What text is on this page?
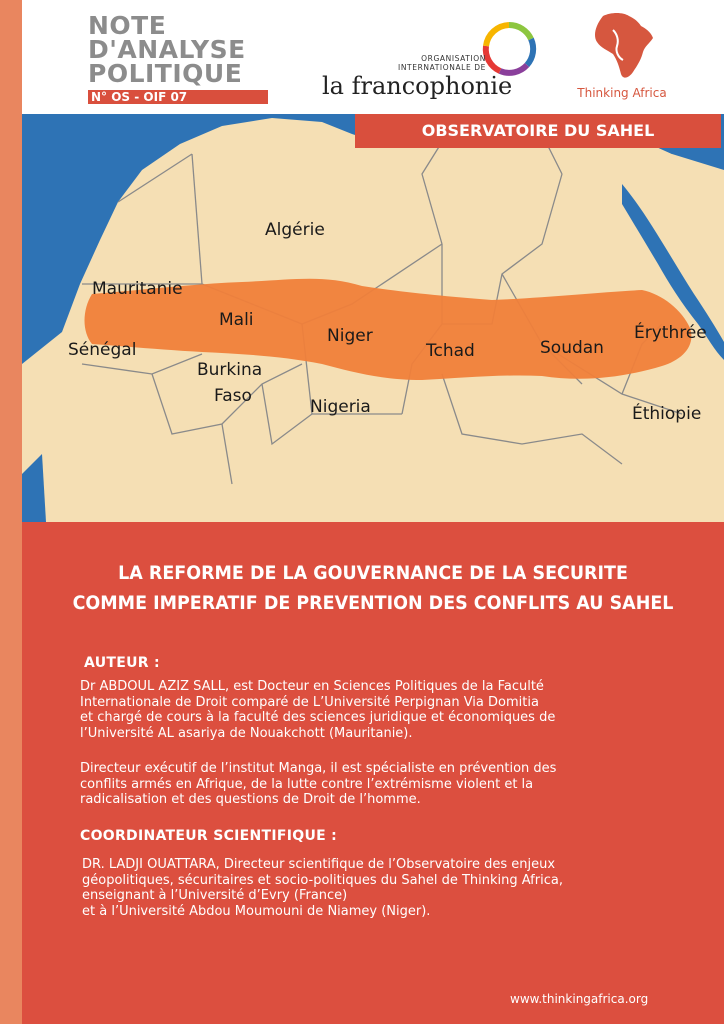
NOTE
D'ANALYSE
POLITIQUE
N° OS - OIF 07
ORGANISATION
INTERNATIONALE DE
la francophonie	Thinking Africa
Algérie
Mauritanie
Mali
Sénégal
Niger
Tchad	Soudan
Érythrée
Burkina
Faso
Nigeria	Éthiopie
OBSERVATOIRE DU SAHEL
LA REFORME DE LA GOUVERNANCE DE LA SECURITE
COMME IMPERATIF DE PREVENTION DES CONFLITS AU SAHEL
AUTEUR :
Dr ABDOUL AZIZ SALL, est Docteur en Sciences Politiques de la Faculté
Internationale de Droit comparé de L’Université Perpignan Via Domitia
et chargé de cours à la faculté des sciences juridique et économiques de
l’Université AL asariya de Nouakchott (Mauritanie).
Directeur exécutif de l’institut Manga, il est spécialiste en prévention des
conflits armés en Afrique, de la lutte contre l’extrémisme violent et la
radicalisation et des questions de Droit de l’homme.
COORDINATEUR SCIENTIFIQUE :
DR. LADJI OUATTARA, Directeur scientifique de l’Observatoire des enjeux
géopolitiques, sécuritaires et socio-politiques du Sahel de Thinking Africa,
enseignant à l’Université d’Evry (France)
et à l’Université Abdou Moumouni de Niamey (Niger).
www.thinkingafrica.org
